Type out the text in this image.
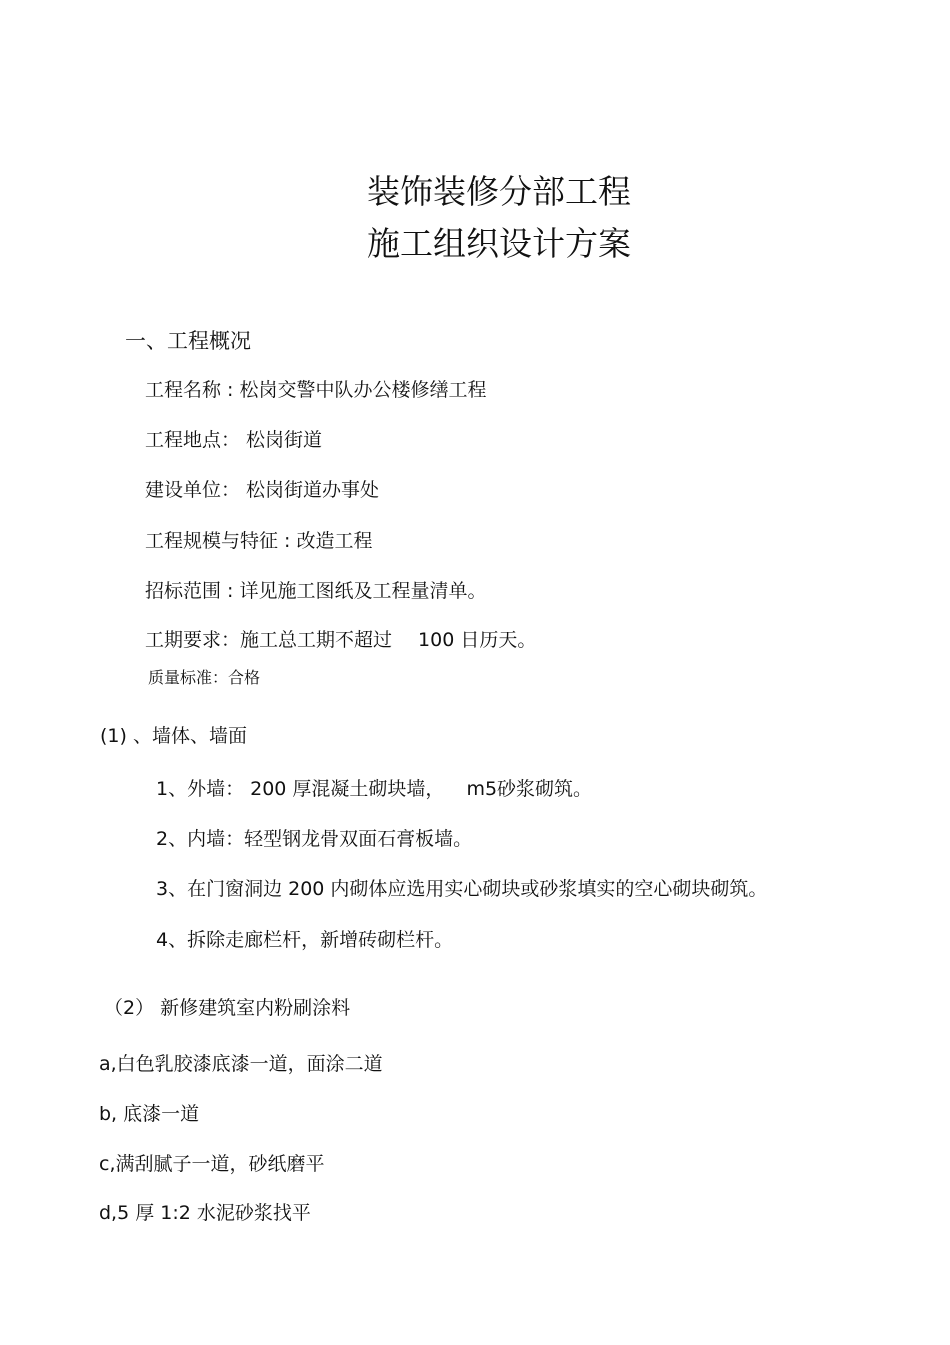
装饰装修分部工程
施工组织设计方案
一、工程概况
工程名称 : 松岗交警中队办公楼修缮工程
工程地点： 松岗街道
建设单位： 松岗街道办事处
工程规模与特征 : 改造工程
招标范围 : 详见施工图纸及工程量清单。
工期要求：施工总工期不超过 100 日历天。
质量标准：合格
(1) 、墙体、墙面
1、外墙： 200 厚混凝土砌块墙， m5砂浆砌筑。
2、内墙：轻型钢龙骨双面石膏板墙。
3、在门窗洞边 200 内砌体应选用实心砌块或砂浆填实的空心砌块砌筑。
4、拆除走廊栏杆，新增砖砌栏杆。
（2） 新修建筑室内粉刷涂料
a,白色乳胶漆底漆一道，面涂二道
b, 底漆一道
c,满刮腻子一道，砂纸磨平
d,5 厚 1:2 水泥砂浆找平
